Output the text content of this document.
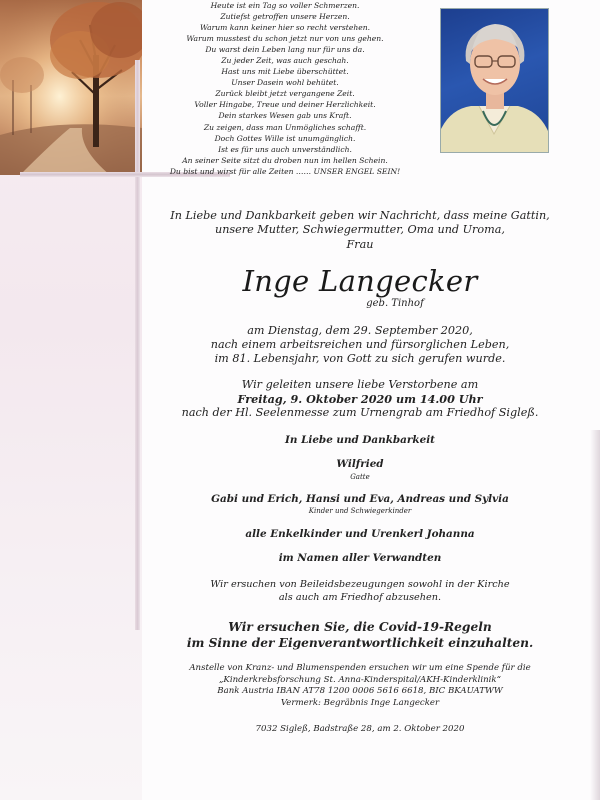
Heute ist ein Tag so voller Schmerzen.
Zutiefst getroffen unsere Herzen.
Warum kann keiner hier so recht verstehen.
Warum musstest du schon jetzt nur von uns gehen.
Du warst dein Leben lang nur für uns da.
Zu jeder Zeit, was auch geschah.
Hast uns mit Liebe überschüttet.
Unser Dasein wohl behütet.
Zurück bleibt jetzt vergangene Zeit.
Voller Hingabe, Treue und deiner Herzlichkeit.
Dein starkes Wesen gab uns Kraft.
Zu zeigen, dass man Unmögliches schafft.
Doch Gottes Wille ist unumgänglich.
Ist es für uns auch unverständlich.
An seiner Seite sitzt du droben nun im hellen Schein.
Du bist und wirst für alle Zeiten …… UNSER ENGEL SEIN!
In Liebe und Dankbarkeit geben wir Nachricht, dass meine Gattin,
unsere Mutter, Schwiegermutter, Oma und Uroma,
Frau
Inge Langecker
geb. Tinhof
am Dienstag, dem 29. September 2020,
nach einem arbeitsreichen und fürsorglichen Leben,
im 81. Lebensjahr, von Gott zu sich gerufen wurde.
Wir geleiten unsere liebe Verstorbene am
Freitag, 9. Oktober 2020 um 14.00 Uhr
nach der Hl. Seelenmesse zum Urnengrab am Friedhof Sigleß.
In Liebe und Dankbarkeit
Wilfried
Gatte
Gabi und Erich, Hansi und Eva, Andreas und Sylvia
Kinder und Schwiegerkinder
alle Enkelkinder und Urenkerl Johanna
im Namen aller Verwandten
Wir ersuchen von Beileidsbezeugungen sowohl in der Kirche
als auch am Friedhof abzusehen.
Wir ersuchen Sie, die Covid-19-Regeln
im Sinne der Eigenverantwortlichkeit einzuhalten.
Anstelle von Kranz- und Blumenspenden ersuchen wir um eine Spende für die
„Kinderkrebsforschung St. Anna-Kinderspital/AKH-Kinderklinik“
Bank Austria IBAN AT78 1200 0006 5616 6618, BIC BKAUATWW
Vermerk: Begräbnis Inge Langecker
7032 Sigleß, Badstraße 28, am 2. Oktober 2020
